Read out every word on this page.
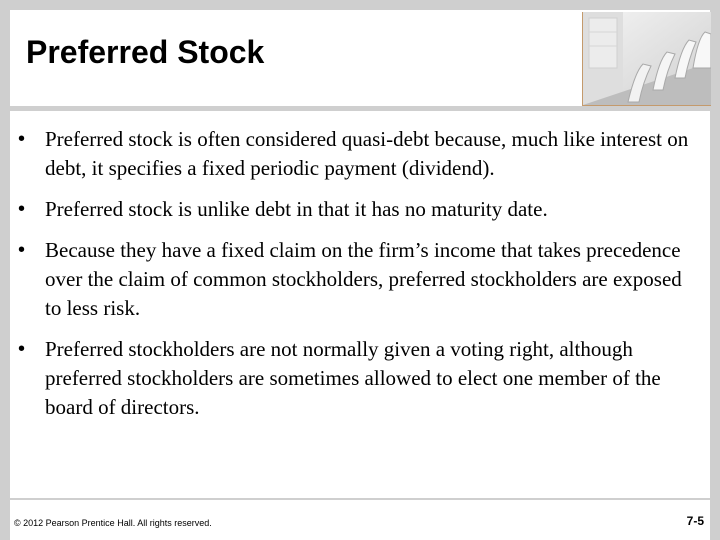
Preferred Stock
• Preferred stock is often considered quasi-debt because, much like interest on debt, it specifies a fixed periodic payment (dividend).
• Preferred stock is unlike debt in that it has no maturity date.
• Because they have a fixed claim on the firm’s income that takes precedence over the claim of common stockholders, preferred stockholders are exposed to less risk.
• Preferred stockholders are not normally given a voting right, although preferred stockholders are sometimes allowed to elect one member of the board of directors.
© 2012 Pearson Prentice Hall. All rights reserved.	7-5
